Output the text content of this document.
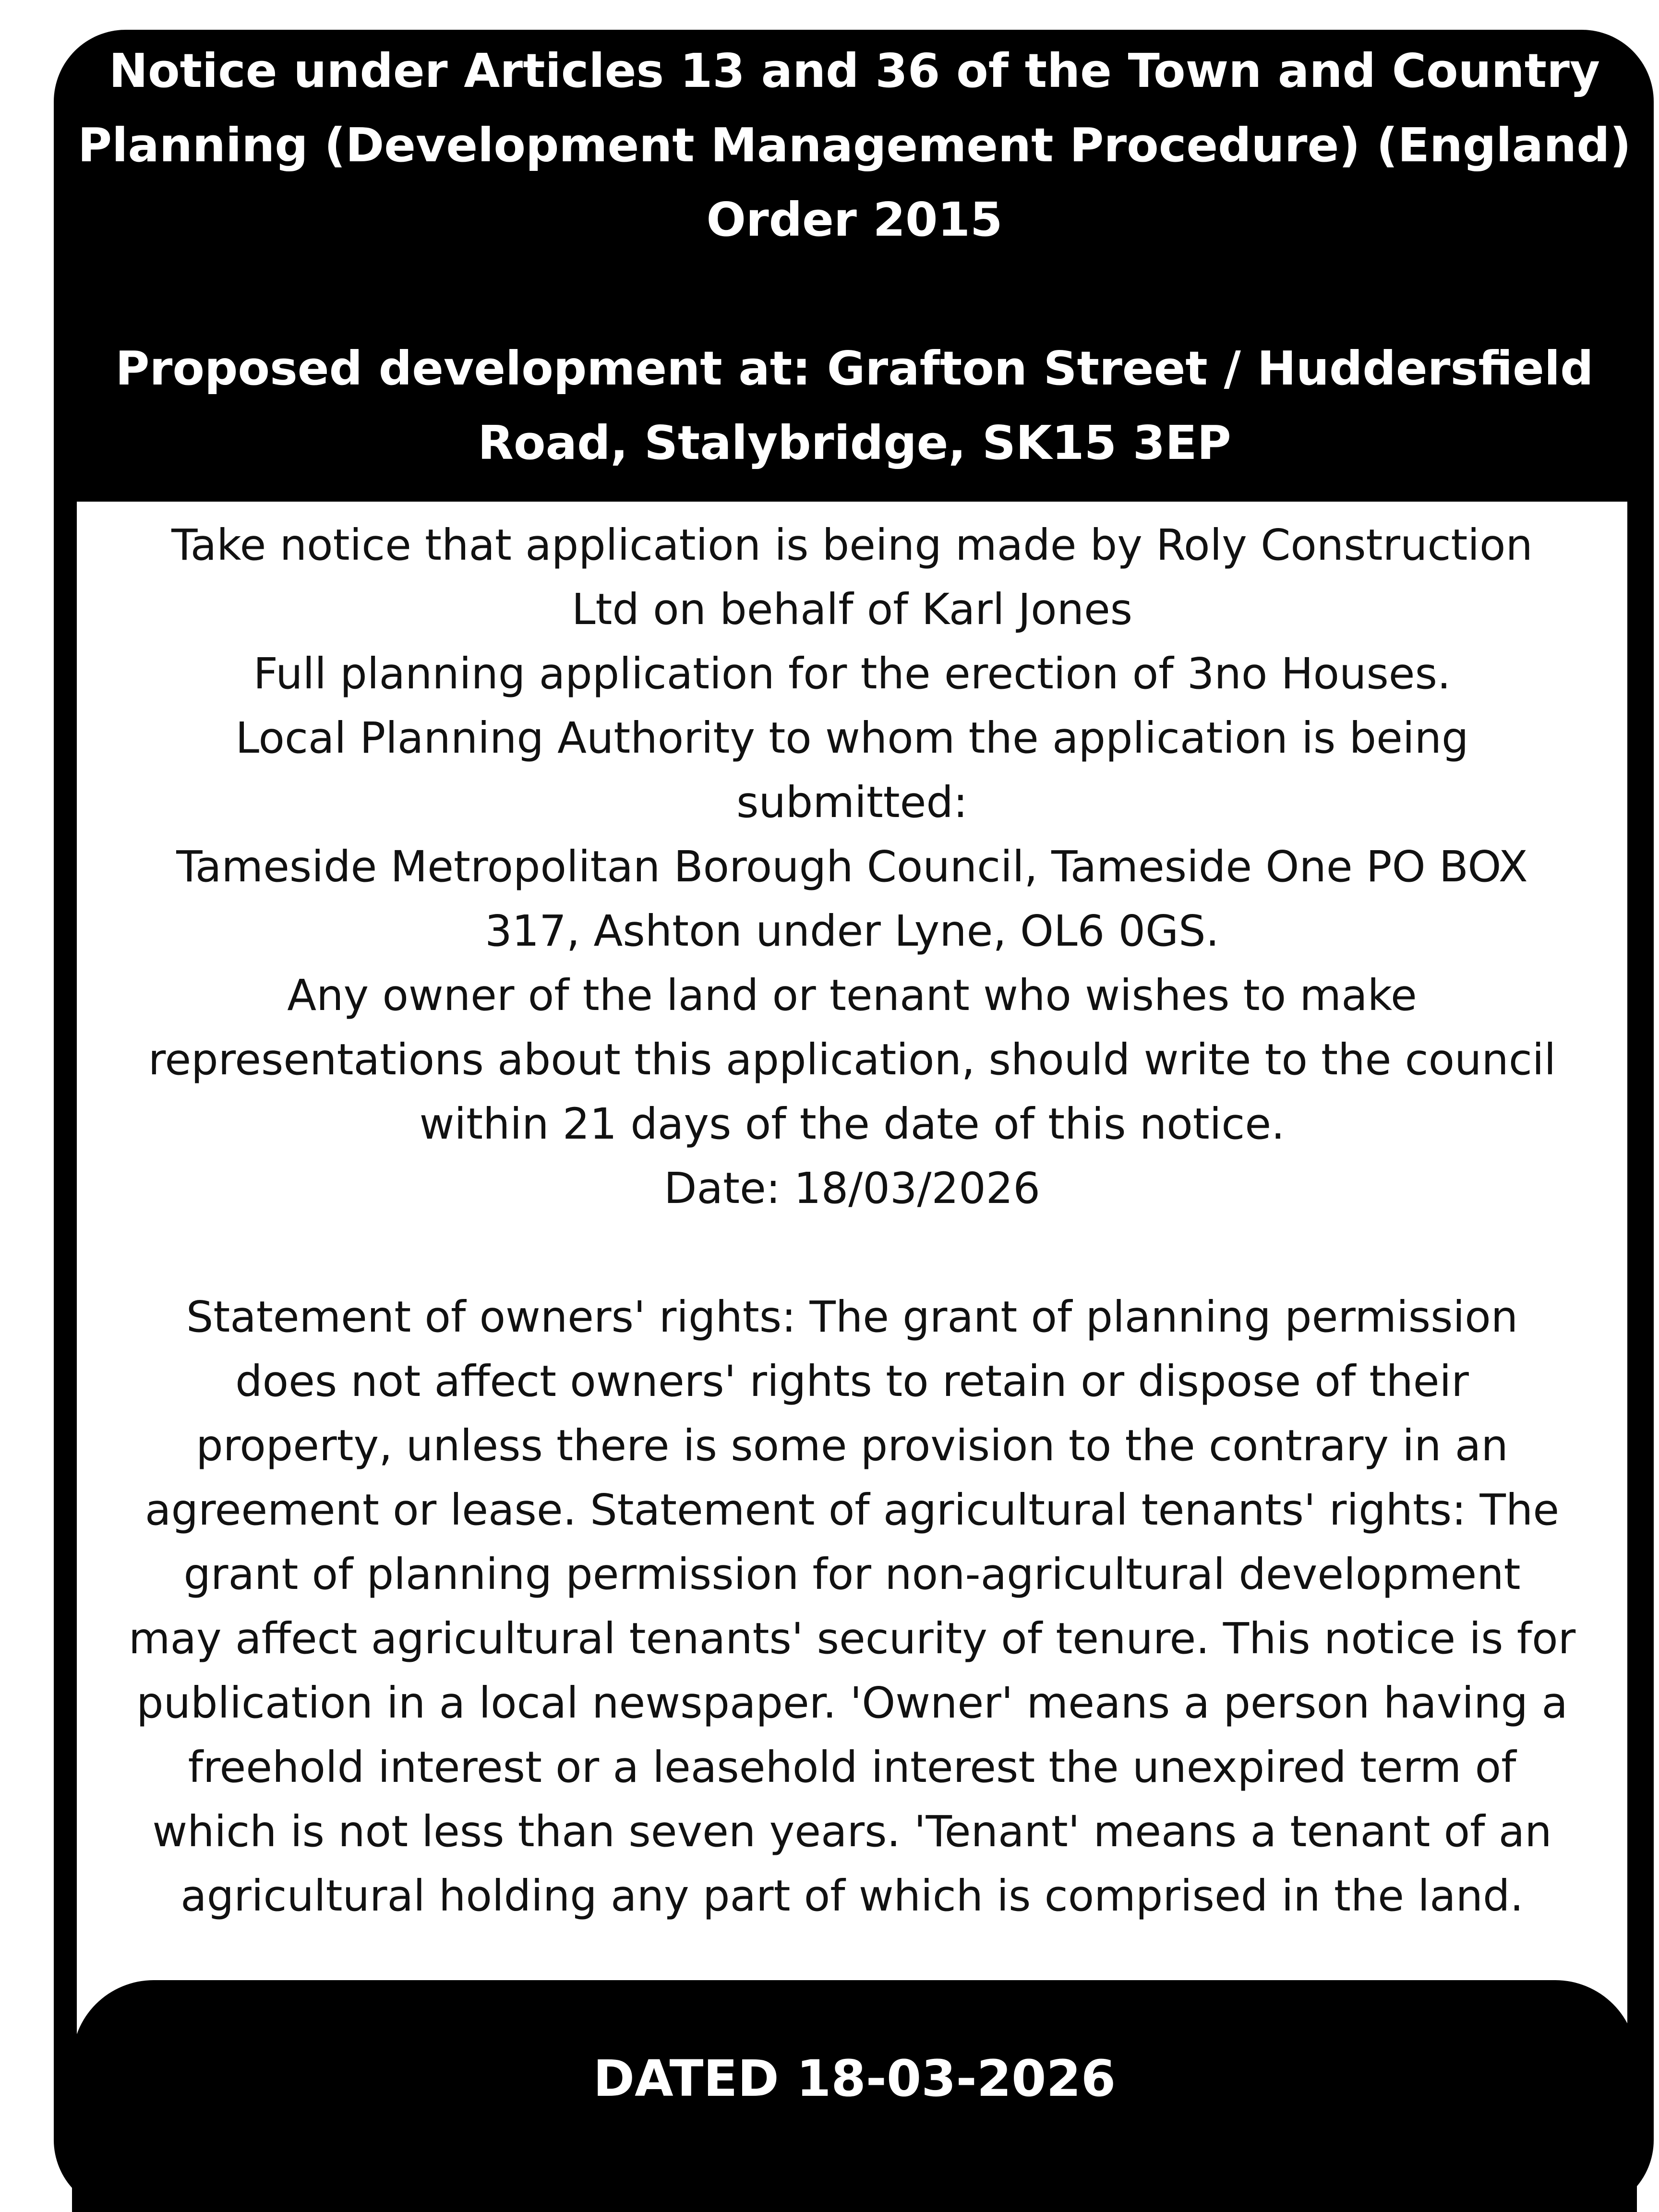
Notice under Articles 13 and 36 of the Town and Country

Planning (Development Management Procedure) (England)

Order 2015

Proposed development at: Grafton Street / Huddersfield

Road, Stalybridge, SK15 3EP

Take notice that application is being made by Roly Construction

Ltd on behalf of Karl Jones

Full planning application for the erection of 3no Houses.

Local Planning Authority to whom the application is being

submitted:

Tameside Metropolitan Borough Council, Tameside One PO BOX

317, Ashton under Lyne, OL6 0GS.

Any owner of the land or tenant who wishes to make

representations about this application, should write to the council

within 21 days of the date of this notice.

Date: 18/03/2026

Statement of owners' rights: The grant of planning permission

does not affect owners' rights to retain or dispose of their

property, unless there is some provision to the contrary in an

agreement or lease. Statement of agricultural tenants' rights: The

grant of planning permission for non-agricultural development

may affect agricultural tenants' security of tenure. This notice is for

publication in a local newspaper. 'Owner' means a person having a

freehold interest or a leasehold interest the unexpired term of

which is not less than seven years. 'Tenant' means a tenant of an

agricultural holding any part of which is comprised in the land.

DATED 18-03-2026
